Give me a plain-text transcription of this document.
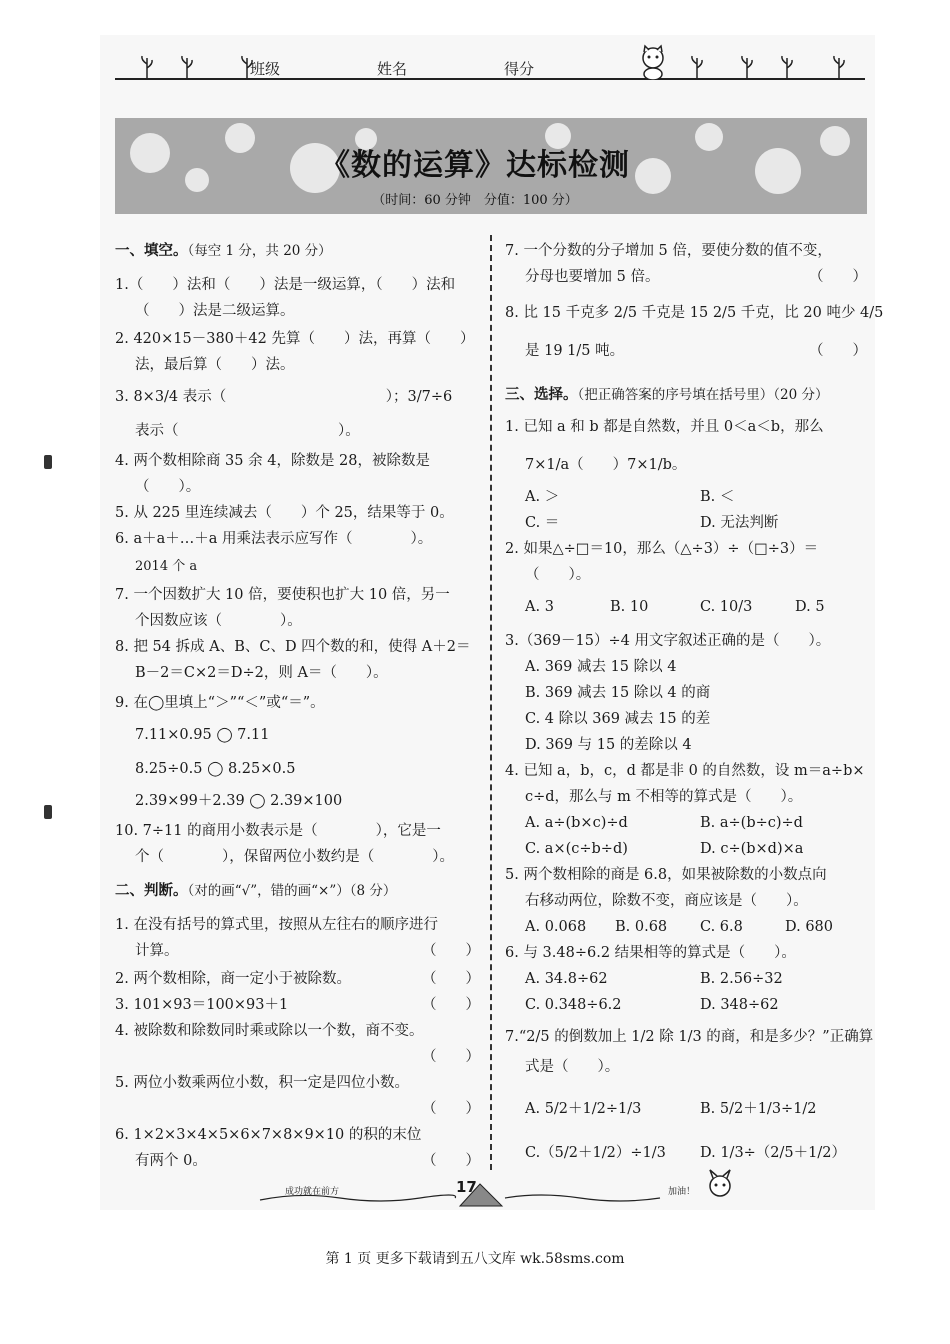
班级	姓名	得分
《数的运算》达标检测
（时间：60 分钟　分值：100 分）
一、填空。（每空 1 分，共 20 分）
1.（　　）法和（　　）法是一级运算，（　　）法和
（　　）法是二级运算。
2. 420×15－380＋42 先算（　　）法，再算（　　）
法，最后算（　　）法。
3. 8×3/4 表示（　　　　　　　　　　　）；3/7÷6
表示（　　　　　　　　　　　）。
4. 两个数相除商 35 余 4，除数是 28，被除数是
（　　）。
5. 从 225 里连续减去（　　）个 25，结果等于 0。
6. a＋a＋…＋a 用乘法表示应写作（　　　　）。
2014 个 a
7. 一个因数扩大 10 倍，要使积也扩大 10 倍，另一
个因数应该（　　　　）。
8. 把 54 拆成 A、B、C、D 四个数的和，使得 A＋2＝
B－2＝C×2＝D÷2，则 A＝（　　）。
9. 在◯里填上“＞”“＜”或“＝”。
7.11×0.95 ◯ 7.11
8.25÷0.5 ◯ 8.25×0.5
2.39×99＋2.39 ◯ 2.39×100
10. 7÷11 的商用小数表示是（　　　　），它是一
个（　　　　），保留两位小数约是（　　　　）。
二、判断。（对的画“√”，错的画“×”）（8 分）
1. 在没有括号的算式里，按照从左往右的顺序进行
计算。	（　　）
2. 两个数相除，商一定小于被除数。	（　　）
3. 101×93＝100×93＋1	（　　）
4. 被除数和除数同时乘或除以一个数，商不变。
（　　）
5. 两位小数乘两位小数，积一定是四位小数。
（　　）
6. 1×2×3×4×5×6×7×8×9×10 的积的末位
有两个 0。	（　　）
7. 一个分数的分子增加 5 倍，要使分数的值不变，
分母也要增加 5 倍。	（　　）
8. 比 15 千克多 2/5 千克是 15 2/5 千克，比 20 吨少 4/5
是 19 1/5 吨。	（　　）
三、选择。（把正确答案的序号填在括号里）（20 分）
1. 已知 a 和 b 都是自然数，并且 0＜a＜b，那么
7×1/a（　　）7×1/b。
A. ＞	B. ＜
C. ＝	D. 无法判断
2. 如果△÷□＝10，那么（△÷3）÷（□÷3）＝
（　　）。
A. 3	B. 10	C. 10/3	D. 5
3.（369－15）÷4 用文字叙述正确的是（　　）。
A. 369 减去 15 除以 4
B. 369 减去 15 除以 4 的商
C. 4 除以 369 减去 15 的差
D. 369 与 15 的差除以 4
4. 已知 a，b，c，d 都是非 0 的自然数，设 m＝a÷b×
c÷d，那么与 m 不相等的算式是（　　）。
A. a÷(b×c)÷d	B. a÷(b÷c)÷d
C. a×(c÷b÷d)	D. c÷(b×d)×a
5. 两个数相除的商是 6.8，如果被除数的小数点向
右移动两位，除数不变，商应该是（　　）。
A. 0.068 B. 0.68 C. 6.8	D. 680
6. 与 3.48÷6.2 结果相等的算式是（　　）。
A. 34.8÷62	B. 2.56÷32
C. 0.348÷6.2	D. 348÷62
7.“2/5 的倒数加上 1/2 除 1/3 的商，和是多少？”正确算
式是（　　）。
A. 5/2＋1/2÷1/3	B. 5/2＋1/3÷1/2
C.（5/2＋1/2）÷1/3 D. 1/3÷（2/5＋1/2）
成功就在前方	17	加油！
第 1 页 更多下载请到五八文库 wk.58sms.com
